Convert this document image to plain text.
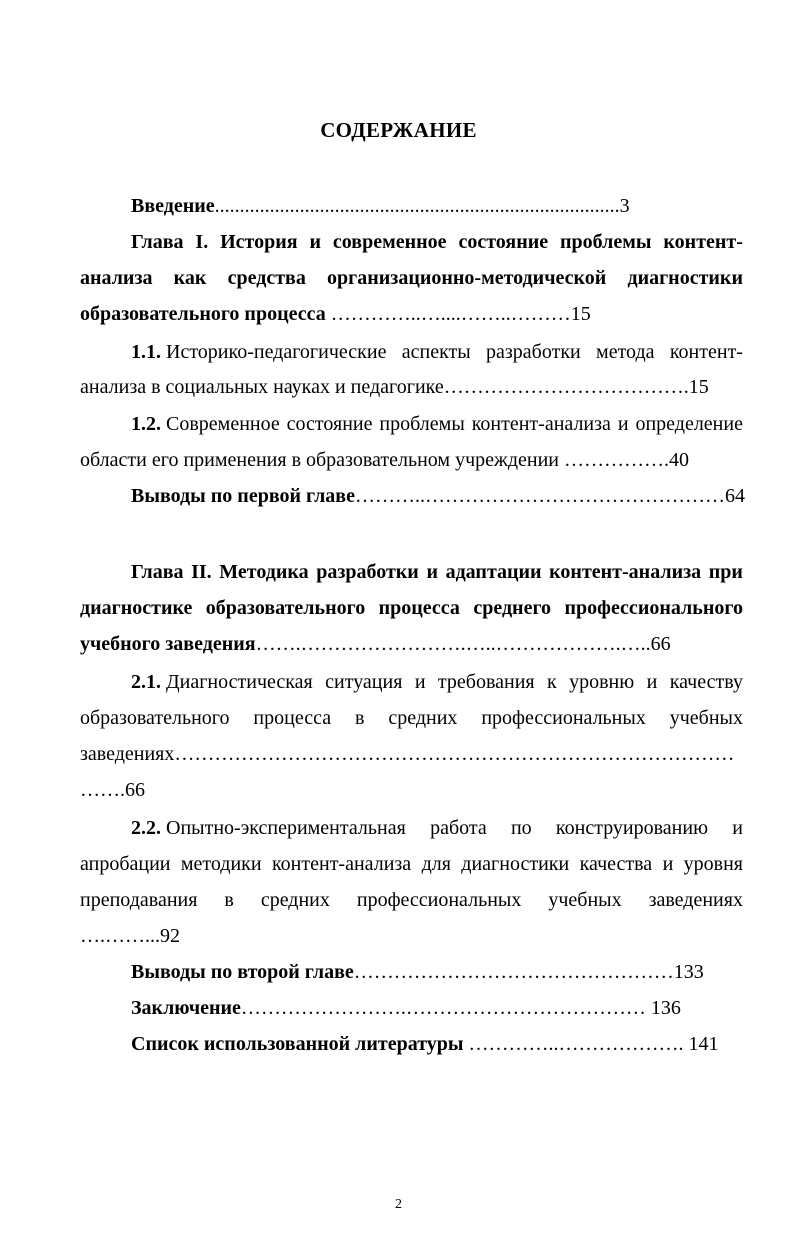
СОДЕРЖАНИЕ
Введение.................................................................................3
Глава I. История и современное состояние проблемы контент-
анализа как средства организационно-методической диагностики
образовательного процесса …………..…....……..………15
1.1. Историко-педагогические аспекты разработки метода контент-
анализа в социальных науках и педагогике……………………………….15
1.2. Современное состояние проблемы контент-анализа и определение
области его применения в образовательном учреждении …………….40
Выводы по первой главе………..………………………………………64
Глава II. Методика разработки и адаптации контент-анализа при
диагностике образовательного процесса среднего профессионального
учебного заведения…….…………………….…..……………….…..66
2.1. Диагностическая ситуация и требования к уровню и качеству
образовательного процесса в средних профессиональных учебных
заведениях…………………………………………………………………………
…….66
2.2. Опытно-экспериментальная работа по конструированию и
апробации методики контент-анализа для диагностики качества и уровня
преподавания в средних профессиональных учебных заведениях
….……...92
Выводы по второй главе…………………………………………133
Заключение…………………….……………………………… 136
Список использованной литературы …………..………………. 141
2
